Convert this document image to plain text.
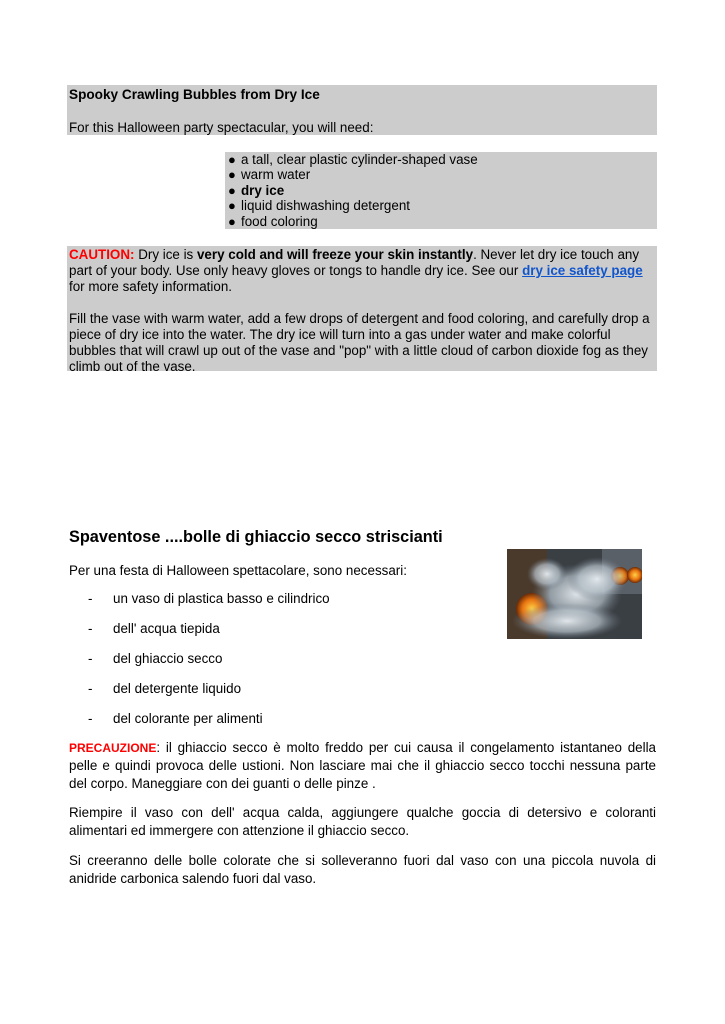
Spooky Crawling Bubbles from Dry Ice
For this Halloween party spectacular, you will need:
● a tall, clear plastic cylinder-shaped vase
● warm water
● dry ice
● liquid dishwashing detergent
● food coloring
CAUTION: Dry ice is very cold and will freeze your skin instantly. Never let dry ice touch any part of your body. Use only heavy gloves or tongs to handle dry ice. See our dry ice safety page for more safety information.
Fill the vase with warm water, add a few drops of detergent and food coloring, and carefully drop a piece of dry ice into the water. The dry ice will turn into a gas under water and make colorful bubbles that will crawl up out of the vase and "pop" with a little cloud of carbon dioxide fog as they climb out of the vase.
Spaventose ....bolle di ghiaccio secco striscianti
Per una festa di Halloween spettacolare, sono necessari:
- un vaso di plastica basso e cilindrico
- dell' acqua tiepida
- del ghiaccio secco
- del detergente liquido
- del colorante per alimenti
PRECAUZIONE: il ghiaccio secco è molto freddo per cui causa il congelamento istantaneo della pelle e quindi provoca delle ustioni. Non lasciare mai che il ghiaccio secco tocchi nessuna parte del corpo. Maneggiare con dei guanti o delle pinze .
Riempire il vaso con dell' acqua calda, aggiungere qualche goccia di detersivo e coloranti alimentari ed immergere con attenzione il ghiaccio secco.
Si creeranno delle bolle colorate che si solleveranno fuori dal vaso con una piccola nuvola di anidride carbonica salendo fuori dal vaso.
